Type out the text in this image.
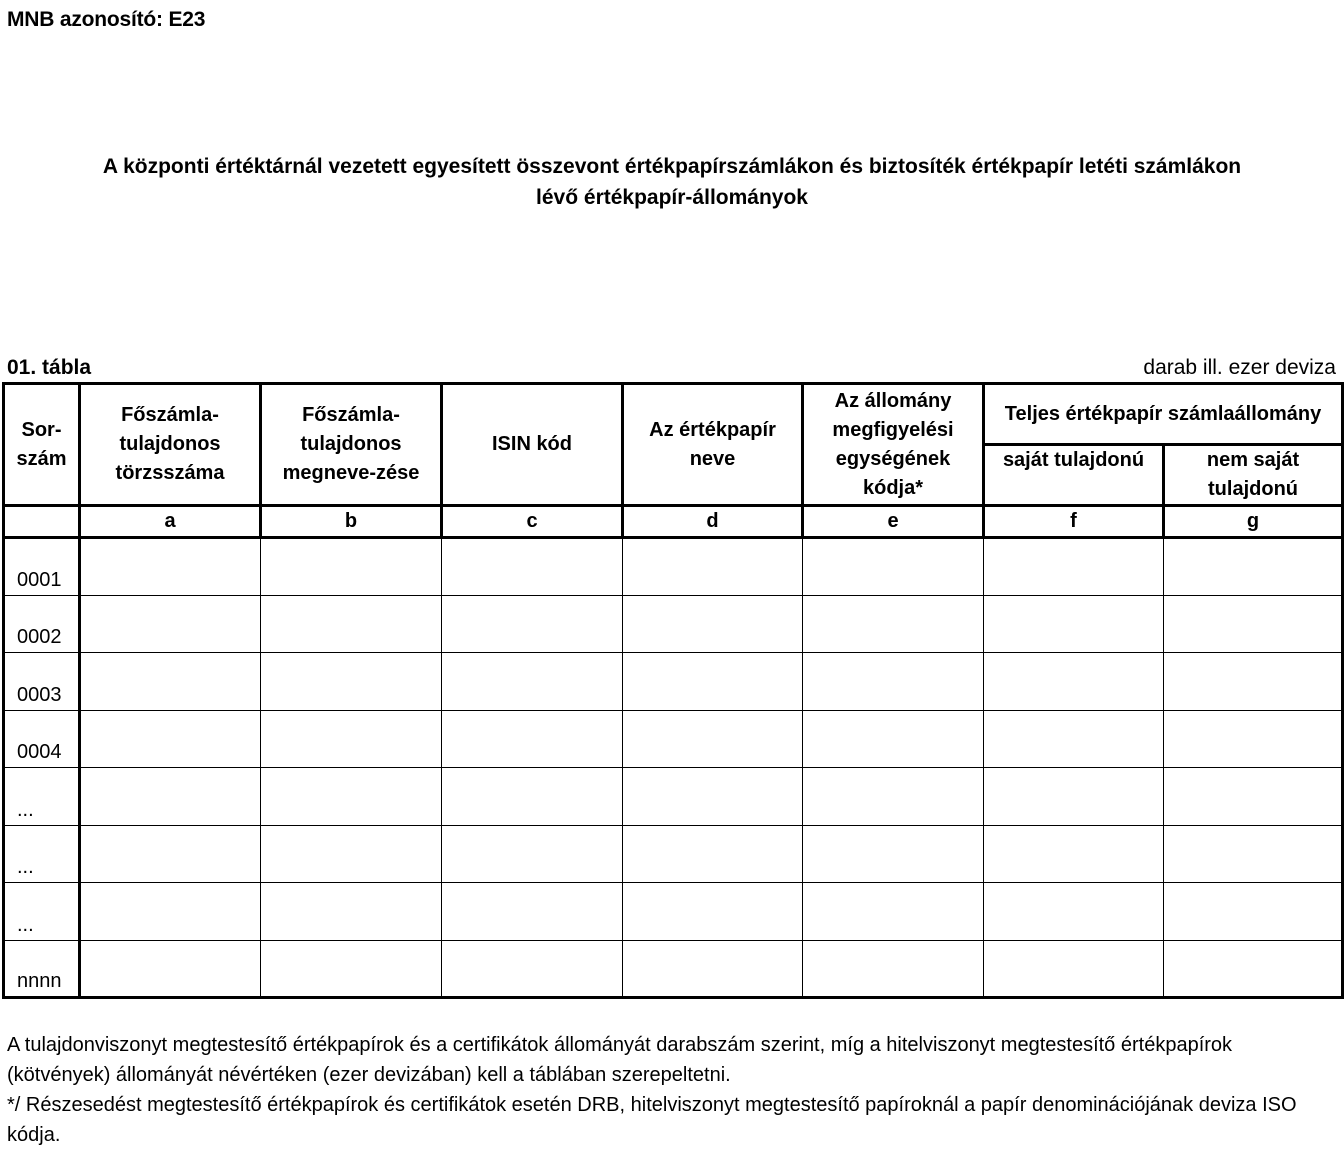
MNB azonosító: E23
A központi értéktárnál vezetett egyesített összevont értékpapírszámlákon és biztosíték értékpapír letéti számlákon
lévő értékpapír-állományok
01. tábla	darab ill. ezer deviza
Sor-szám	Főszámla-tulajdonos törzsszáma	Főszámla-tulajdonos megneve-zése	ISIN kód	Az értékpapír neve	Az állomány megfigyelési egységének kódja*	Teljes értékpapír számlaállomány	
						saját tulajdonú	nem saját tulajdonú
	a	b	c	d	e	f	g
0001							
0002							
0003							
0004							
...							
...							
...							
nnnn							

A tulajdonviszonyt megtestesítő értékpapírok és a certifikátok állományát darabszám szerint, míg a hitelviszonyt megtestesítő értékpapírok (kötvények) állományát névértéken (ezer devizában) kell a táblában szerepeltetni.

*/ Részesedést megtestesítő értékpapírok és certifikátok esetén DRB, hitelviszonyt megtestesítő papíroknál a papír denominációjának deviza ISO kódja.
